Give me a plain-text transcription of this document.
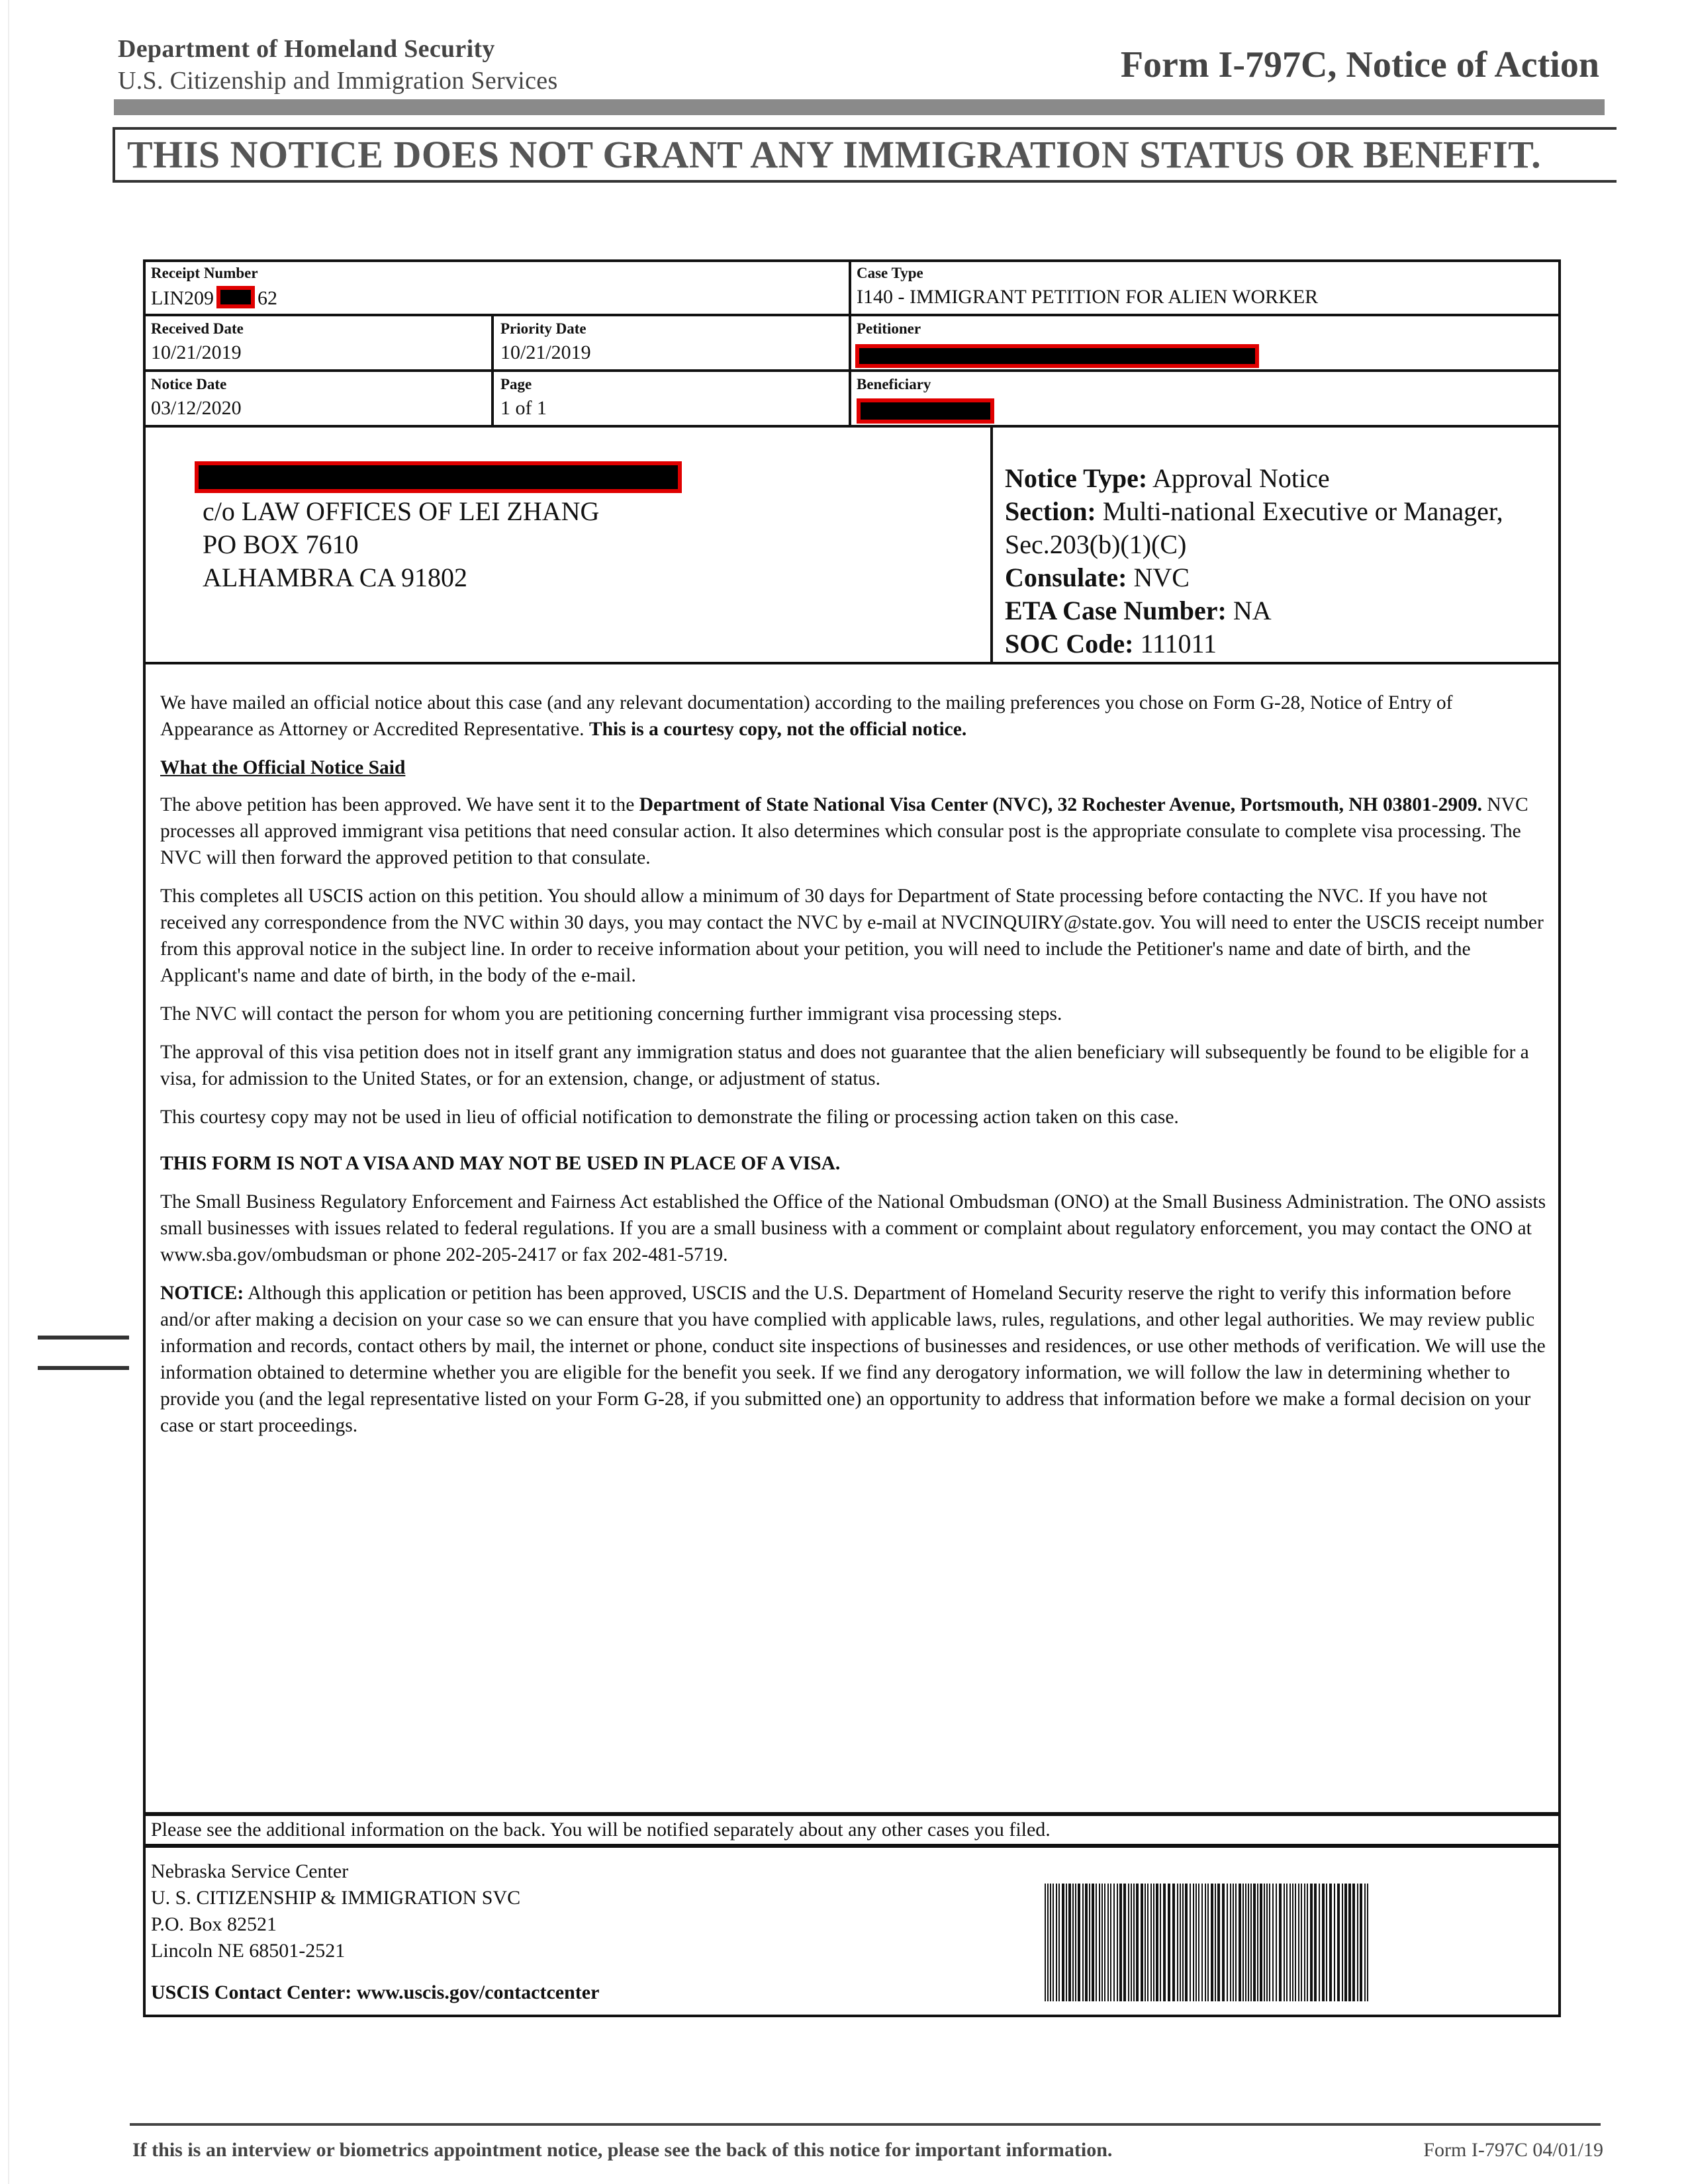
Department of Homeland Security
U.S. Citizenship and Immigration Services	Form I-797C, Notice of Action
THIS NOTICE DOES NOT GRANT ANY IMMIGRATION STATUS OR BENEFIT.
Receipt Number
LIN209 62
Case Type
I140 - IMMIGRANT PETITION FOR ALIEN WORKER
Received Date
10/21/2019
Priority Date
10/21/2019
Petitioner
Notice Date
03/12/2020
Page
1 of 1
Beneficiary
c/o LAW OFFICES OF LEI ZHANG
PO BOX 7610
ALHAMBRA CA 91802
Notice Type: Approval Notice
Section: Multi-national Executive or Manager,
Sec.203(b)(1)(C)
Consulate: NVC
ETA Case Number: NA
SOC Code: 111011

We have mailed an official notice about this case (and any relevant documentation) according to the mailing preferences you chose on Form G-28, Notice of Entry of Appearance as Attorney or Accredited Representative. This is a courtesy copy, not the official notice.

What the Official Notice Said

The above petition has been approved. We have sent it to the Department of State National Visa Center (NVC), 32 Rochester Avenue, Portsmouth, NH 03801-2909. NVC processes all approved immigrant visa petitions that need consular action. It also determines which consular post is the appropriate consulate to complete visa processing. The NVC will then forward the approved petition to that consulate.

This completes all USCIS action on this petition. You should allow a minimum of 30 days for Department of State processing before contacting the NVC. If you have not received any correspondence from the NVC within 30 days, you may contact the NVC by e-mail at NVCINQUIRY@state.gov. You will need to enter the USCIS receipt number from this approval notice in the subject line. In order to receive information about your petition, you will need to include the Petitioner's name and date of birth, and the Applicant's name and date of birth, in the body of the e-mail.

The NVC will contact the person for whom you are petitioning concerning further immigrant visa processing steps.

The approval of this visa petition does not in itself grant any immigration status and does not guarantee that the alien beneficiary will subsequently be found to be eligible for a visa, for admission to the United States, or for an extension, change, or adjustment of status.

This courtesy copy may not be used in lieu of official notification to demonstrate the filing or processing action taken on this case.

THIS FORM IS NOT A VISA AND MAY NOT BE USED IN PLACE OF A VISA.

The Small Business Regulatory Enforcement and Fairness Act established the Office of the National Ombudsman (ONO) at the Small Business Administration. The ONO assists small businesses with issues related to federal regulations. If you are a small business with a comment or complaint about regulatory enforcement, you may contact the ONO at www.sba.gov/ombudsman or phone 202-205-2417 or fax 202-481-5719.

NOTICE: Although this application or petition has been approved, USCIS and the U.S. Department of Homeland Security reserve the right to verify this information before and/or after making a decision on your case so we can ensure that you have complied with applicable laws, rules, regulations, and other legal authorities. We may review public information and records, contact others by mail, the internet or phone, conduct site inspections of businesses and residences, or use other methods of verification. We will use the information obtained to determine whether you are eligible for the benefit you seek. If we find any derogatory information, we will follow the law in determining whether to provide you (and the legal representative listed on your Form G-28, if you submitted one) an opportunity to address that information before we make a formal decision on your case or start proceedings.

Please see the additional information on the back. You will be notified separately about any other cases you filed.
Nebraska Service Center
U. S. CITIZENSHIP & IMMIGRATION SVC
P.O. Box 82521
Lincoln NE 68501-2521
USCIS Contact Center: www.uscis.gov/contactcenter
If this is an interview or biometrics appointment notice, please see the back of this notice for important information.	Form I-797C 04/01/19
